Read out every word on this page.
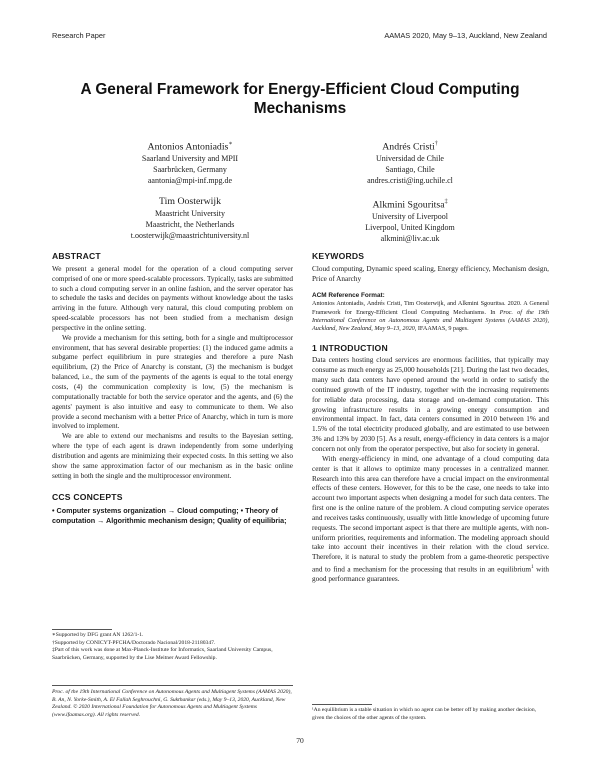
Research Paper	AAMAS 2020, May 9–13, Auckland, New Zealand
A General Framework for Energy-Efficient Cloud Computing Mechanisms
Antonios Antoniadis∗
Saarland University and MPII
Saarbrücken, Germany
aantonia@mpi-inf.mpg.de
Andrés Cristi†
Universidad de Chile
Santiago, Chile
andres.cristi@ing.uchile.cl
Tim Oosterwijk
Maastricht University
Maastricht, the Netherlands
t.oosterwijk@maastrichtuniversity.nl
Alkmini Sgouritsa‡
University of Liverpool
Liverpool, United Kingdom
alkmini@liv.ac.uk
ABSTRACT

We present a general model for the operation of a cloud computing server comprised of one or more speed-scalable processors. Typically, tasks are submitted to such a cloud computing server in an online fashion, and the server operator has to schedule the tasks and decides on payments without knowledge about the tasks arriving in the future. Although very natural, this cloud computing problem on speed-scalable processors has not been studied from a mechanism design perspective in the online setting.

We provide a mechanism for this setting, both for a single and multiprocessor environment, that has several desirable properties: (1) the induced game admits a subgame perfect equilibrium in pure strategies and therefore a pure Nash equilibrium, (2) the Price of Anarchy is constant, (3) the mechanism is budget balanced, i.e., the sum of the payments of the agents is equal to the total energy costs, (4) the communication complexity is low, (5) the mechanism is computationally tractable for both the service operator and the agents, and (6) the agents' payment is also intuitive and easy to communicate to them. We also provide a second mechanism with a better Price of Anarchy, which in turn is more involved to implement.

We are able to extend our mechanisms and results to the Bayesian setting, where the type of each agent is drawn independently from some underlying distribution and agents are minimizing their expected costs. In this setting we also show the same approximation factor of our mechanism as in the basic online setting in both the single and the multiprocessor environment.

CCS CONCEPTS

• Computer systems organization → Cloud computing; • Theory of computation → Algorithmic mechanism design; Quality of equilibria;

∗Supported by DFG grant AN 1262/1-1.
†Supported by CONICYT-PFCHA/Doctorado Nacional/2018-21180347.
‡Part of this work was done at Max-Planck-Institute for Informatics, Saarland University Campus, Saarbrücken, Germany, supported by the Lise Meitner Award Fellowship.
Proc. of the 19th International Conference on Autonomous Agents and Multiagent Systems (AAMAS 2020), B. An, N. Yorke-Smith, A. El Fallah Seghrouchni, G. Sukthankar (eds.), May 9–13, 2020, Auckland, New Zealand. © 2020 International Foundation for Autonomous Agents and Multiagent Systems (www.ifaamas.org). All rights reserved.
KEYWORDS

Cloud computing, Dynamic speed scaling, Energy efficiency, Mechanism design, Price of Anarchy

ACM Reference Format:

Antonios Antoniadis, Andrés Cristi, Tim Oosterwijk, and Alkmini Sgouritsa. 2020. A General Framework for Energy-Efficient Cloud Computing Mechanisms. In Proc. of the 19th International Conference on Autonomous Agents and Multiagent Systems (AAMAS 2020), Auckland, New Zealand, May 9–13, 2020, IFAAMAS, 9 pages.

1 INTRODUCTION

Data centers hosting cloud services are enormous facilities, that typically may consume as much energy as 25,000 households [21]. During the last two decades, many such data centers have opened around the world in order to satisfy the continued growth of the IT industry, together with the increasing requirements for reliable data processing, data storage and on-demand computation. This growing infrastructure results in a growing energy consumption and environmental impact. In fact, data centers consumed in 2010 between 1% and 1.5% of the total electricity produced globally, and are estimated to use between 3% and 13% by 2030 [5]. As a result, energy-efficiency in data centers is a major concern not only from the operator perspective, but also for society in general.

With energy-efficiency in mind, one advantage of a cloud computing data center is that it allows to optimize many processes in a centralized manner. Research into this area can therefore have a crucial impact on the environmental effects of these centers. However, for this to be the case, one needs to take into account two important aspects when designing a model for such data centers. The first one is the online nature of the problem. A cloud computing service operates and receives tasks continuously, usually with little knowledge of upcoming future requests. The second important aspect is that there are multiple agents, with non-uniform priorities, requirements and information. The modeling approach should take into account their incentives in their relation with the cloud service. Therefore, it is natural to study the problem from a game-theoretic perspective and to find a mechanism for the processing that results in an equilibrium$^1$ with good performance guarantees.

¹An equilibrium is a stable situation in which no agent can be better off by making another decision, given the choices of the other agents of the system.
70
